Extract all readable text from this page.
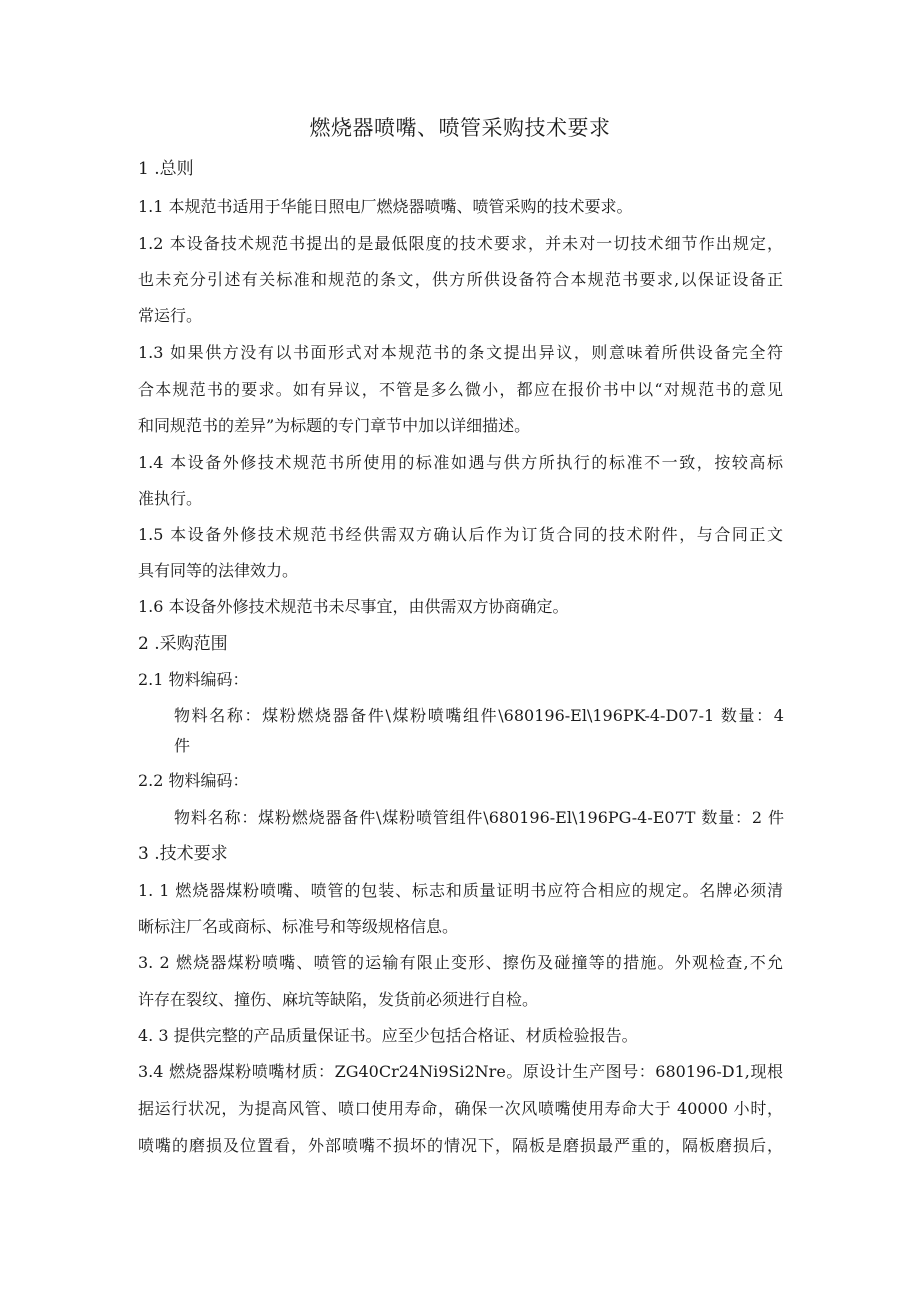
燃烧器喷嘴、喷管采购技术要求
1 .总则
1.1 本规范书适用于华能日照电厂燃烧器喷嘴、喷管采购的技术要求。
1.2 本设备技术规范书提出的是最低限度的技术要求，并未对一切技术细节作出规定，
也未充分引述有关标准和规范的条文，供方所供设备符合本规范书要求,以保证设备正
常运行。
1.3 如果供方没有以书面形式对本规范书的条文提出异议，则意味着所供设备完全符
合本规范书的要求。如有异议，不管是多么微小，都应在报价书中以“对规范书的意见
和同规范书的差异”为标题的专门章节中加以详细描述。
1.4 本设备外修技术规范书所使用的标准如遇与供方所执行的标准不一致，按较高标
准执行。
1.5 本设备外修技术规范书经供需双方确认后作为订货合同的技术附件，与合同正文
具有同等的法律效力。
1.6 本设备外修技术规范书未尽事宜，由供需双方协商确定。
2 .采购范围
2.1 物料编码：
物料名称：煤粉燃烧器备件\煤粉喷嘴组件\680196-El\196PK-4-D07-1 数量：4
件
2.2 物料编码：
物料名称：煤粉燃烧器备件\煤粉喷管组件\680196-El\196PG-4-E07T 数量：2 件
3 .技术要求
1. 1 燃烧器煤粉喷嘴、喷管的包装、标志和质量证明书应符合相应的规定。名牌必须清
晰标注厂名或商标、标准号和等级规格信息。
3. 2 燃烧器煤粉喷嘴、喷管的运输有限止变形、擦伤及碰撞等的措施。外观检查,不允
许存在裂纹、撞伤、麻坑等缺陷，发货前必须进行自检。
4. 3 提供完整的产品质量保证书。应至少包括合格证、材质检验报告。
3.4 燃烧器煤粉喷嘴材质：ZG40Cr24Ni9Si2Nre。原设计生产图号：680196-D1,现根
据运行状况，为提高风管、喷口使用寿命，确保一次风喷嘴使用寿命大于 40000 小时，
喷嘴的磨损及位置看，外部喷嘴不损坏的情况下，隔板是磨损最严重的，隔板磨损后，
